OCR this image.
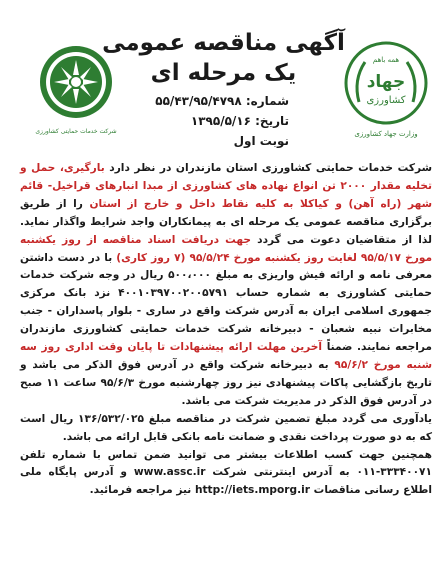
شرکت خدمات حمایتی کشاورزی
همه باهم
جهاد
کشاورزی
وزارت جهاد کشاورزی
آگهی مناقصه عمومی
یک مرحله ای
شماره: ۵۵/۴۳/۹۵/۴۷۹۸
تاریخ: ۱۳۹۵/۵/۱۶
نوبت اول

شرکت خدمات حمایتی کشاورزی استان مازندران در نظر دارد بارگیری، حمل و تخلیه مقدار ۲۰۰۰ تن انواع نهاده های کشاورزی از مبدا انبارهای قراخیل- قائم شهر (راه آهن) و کیاکلا به کلیه نقاط داخل و خارج از استان را از طریق برگزاری مناقصه عمومی یک مرحله ای به پیمانکاران واجد شرایط واگذار نماید. لذا از متقاضیان دعوت می گردد جهت دریافت اسناد مناقصه از روز یکشنبه مورخ ۹۵/۵/۱۷ لغایت روز یکشنبه مورخ ۹۵/۵/۲۴ (۷ روز کاری) با در دست داشتن معرفی نامه و ارائه فیش واریزی به مبلغ ۵۰۰،۰۰۰ ریال در وجه شرکت خدمات حمایتی کشاورزی به شماره حساب ۴۰۰۱۰۳۹۷۰۰۲۰۰۵۷۹۱ نزد بانک مرکزی جمهوری اسلامی ایران به آدرس شرکت واقع در ساری - بلوار پاسداران - جنب مخابرات نبیه شعبان - دبیرخانه شرکت خدمات حمایتی کشاورزی مازندران مراجعه نمایند. ضمناً آخرین مهلت ارائه پیشنهادات تا پایان وقت اداری روز سه شنبه مورخ ۹۵/۶/۲ به دبیرخانه شرکت واقع در آدرس فوق الذکر می باشد و تاریخ بازگشایی پاکات پیشنهادی نیز روز چهارشنبه مورخ ۹۵/۶/۳ ساعت ۱۱ صبح در آدرس فوق الذکر در مدیریت شرکت می باشد.

یادآوری می گردد مبلغ تضمین شرکت در مناقصه مبلغ ۱۳۶/۵۳۲/۰۲۵ ریال است که به دو صورت پرداخت نقدی و ضمانت نامه بانکی قابل ارائه می باشد.

همچنین جهت کسب اطلاعات بیشتر می توانید ضمن تماس با شماره تلفن ۳۳۳۴۰۰۷۱-۰۱۱ به آدرس اینترنتی شرکت www.assc.ir و آدرس پایگاه ملی اطلاع رسانی مناقصات http://iets.mporg.ir نیز مراجعه فرمائید.
